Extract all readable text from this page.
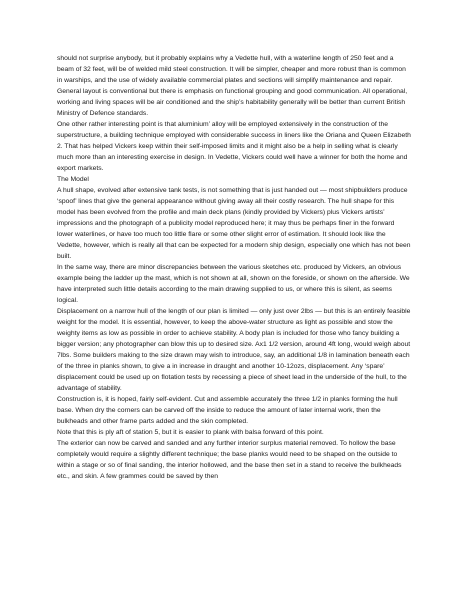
should not surprise anybody, but it probably explains why a Vedette hull, with a waterline length of 250 feet and a beam of 32 feet, will be of welded mild steel construction. It will be simpler, cheaper and more robust than is common in warships, and the use of widely available commercial plates and sections will simplify maintenance and repair. General layout is conventional but there is emphasis on functional grouping and good communication. All operational, working and living spaces will be air conditioned and the ship’s habitability generally will be better than current British Ministry of Defence standards.

One other rather interesting point is that aluminium’ alloy will be employed extensively in the construction of the superstructure, a building technique employed with considerable success in liners like the Oriana and Queen Elizabeth 2. That has helped Vickers keep within their self-imposed limits and it might also be a help in selling what is clearly much more than an interesting exercise in design. In Vedette, Vickers could well have a winner for both the home and export markets.

The Model

A hull shape, evolved after extensive tank tests, is not something that is just handed out — most shipbuilders produce ‘spoof’ lines that give the general appearance without giving away all their costly research. The hull shape for this model has been evolved from the profile and main deck plans (kindly provided by Vickers) plus Vickers artists’ impressions and the photograph of a publicity model reproduced here; it may thus be perhaps finer in the forward lower waterlines, or have too much too little flare or some other slight error of estimation. It should look like the Vedette, however, which is really all that can be expected for a modern ship design, especially one which has not been built.

In the same way, there are minor discrepancies between the various sketches etc. produced by Vickers, an obvious example being the ladder up the mast, which is not shown at all, shown on the foreside, or shown on the afterside. We have interpreted such little details according to the main drawing supplied to us, or where this is silent, as seems logical.

Displacement on a narrow hull of the length of our plan is limited — only just over 2lbs — but this is an entirely feasible weight for the model. It is essential, however, to keep the above-water structure as light as possible and stow the weighty items as low as possible in order to achieve stability. A body plan is included for those who fancy building a bigger version; any photographer can blow this up to desired size. Ax1 1/2 version, around 4ft long, would weigh about 7lbs. Some builders making to the size drawn may wish to introduce, say, an additional 1/8 in lamination beneath each of the three in planks shown, to give a in increase in draught and another 10-12ozs, displacement. Any ‘spare’ displacement could be used up on flotation tests by recessing a piece of sheet lead in the underside of the hull, to the advantage of stability.

Construction is, it is hoped, fairly self-evident. Cut and assemble accurately the three 1/2 in planks forming the hull base. When dry the corners can be carved off the inside to reduce the amount of later internal work, then the bulkheads and other frame parts added and the skin completed.

Note that this is ply aft of station 5, but it is easier to plank with balsa forward of this point.

The exterior can now be carved and sanded and any further interior surplus material removed. To hollow the base completely would require a slightly different technique; the base planks would need to be shaped on the outside to within a stage or so of final sanding, the interior hollowed, and the base then set in a stand to receive the bulkheads etc., and skin. A few grammes could be saved by then
